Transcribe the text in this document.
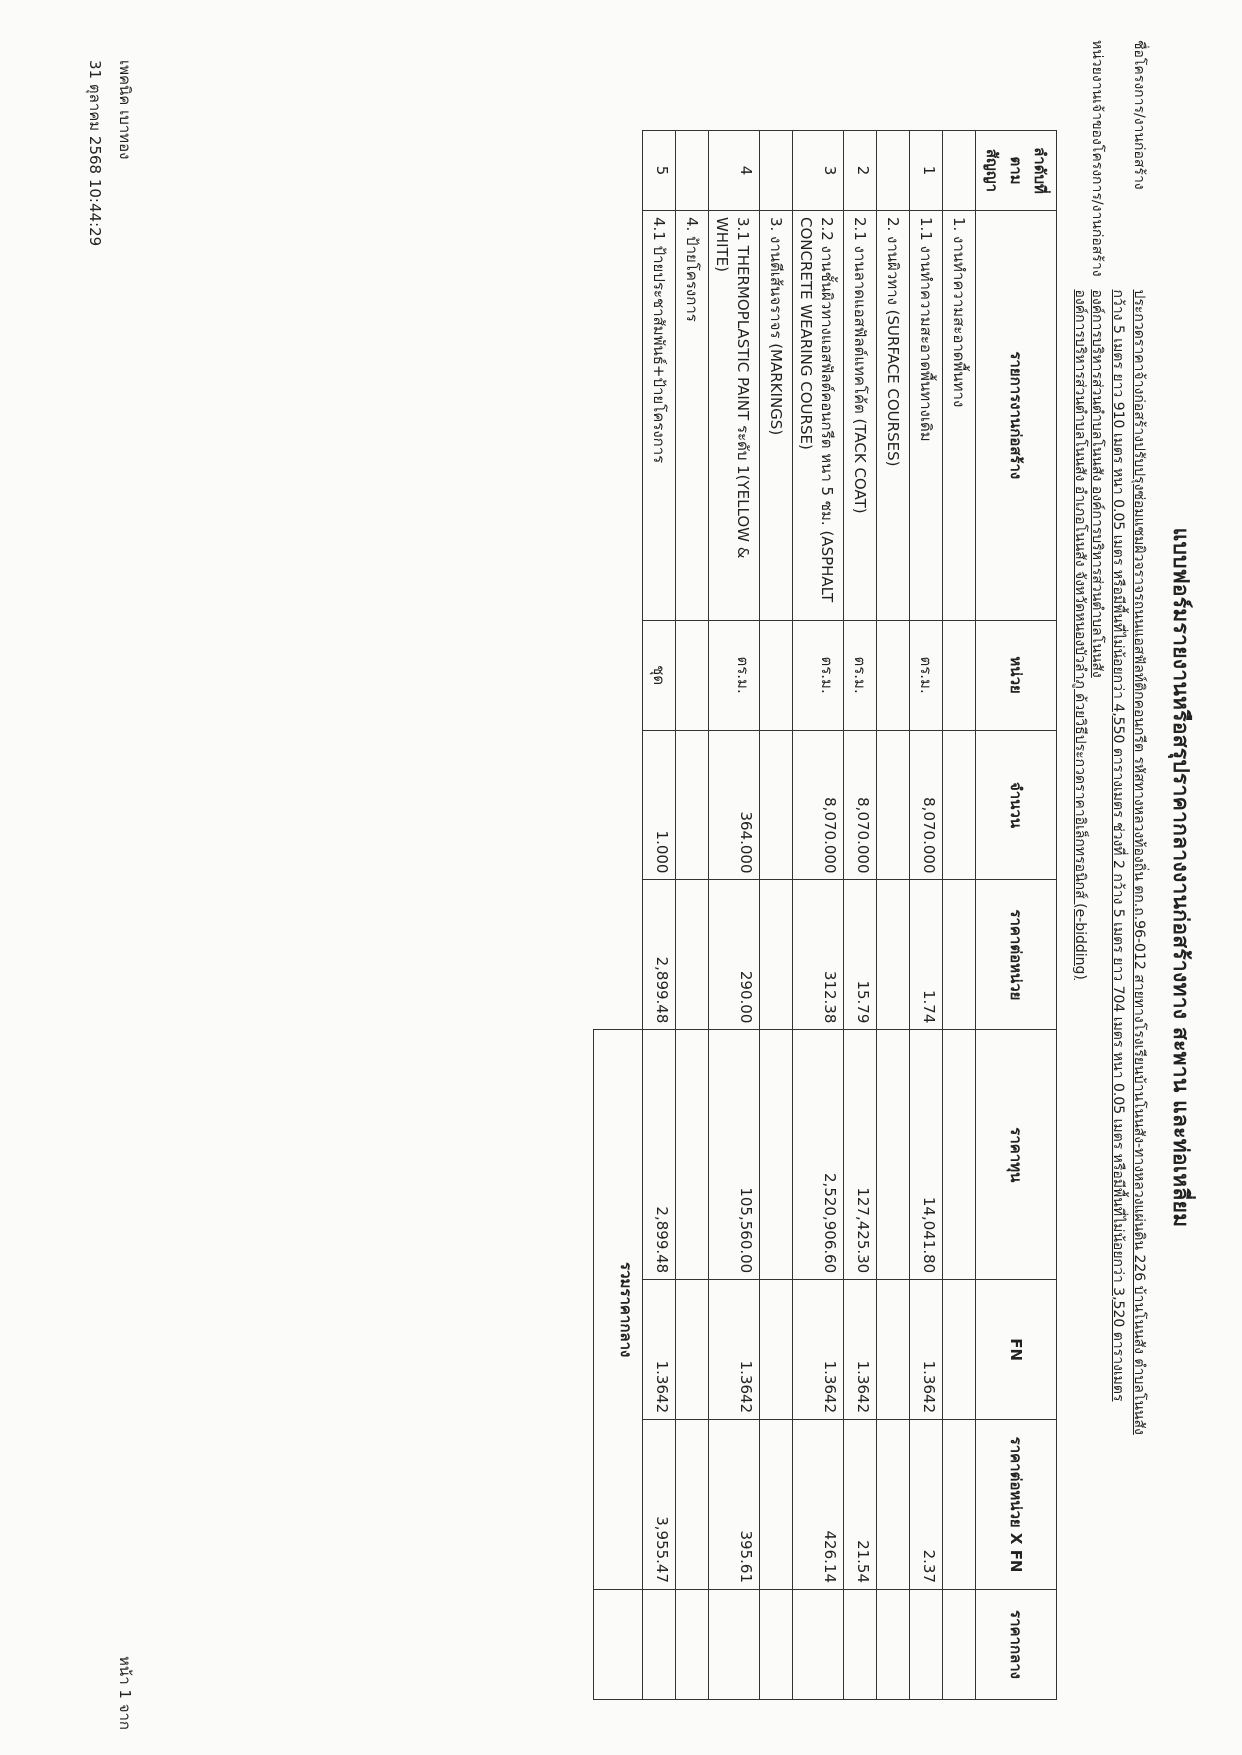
แบบฟอร์มรายงานหรือสรุปราคากลางงานก่อสร้างทาง สะพาน และท่อเหลี่ยม
ชื่อโครงการ/งานก่อสร้าง ประกวดราคาจ้างก่อสร้างปรับปรุงซ่อมแซมผิวจราจรถนนแอสฟัลท์ติกคอนกรีต รหัสทางหลวงท้องถิ่น ตก.ถ.96-012 สายทางโรงเรียนบ้านโนนสัง-ทางหลวงแผ่นดิน 226 บ้านโนนสัง ตำบลโนนสัง
กว้าง 5 เมตร ยาว 910 เมตร หนา 0.05 เมตร หรือมีพื้นที่ไม่น้อยกว่า 4,550 ตารางเมตร ช่วงที่ 2 กว้าง 5 เมตร ยาว 704 เมตร หนา 0.05 เมตร หรือมีพื้นที่ไม่น้อยกว่า 3,520 ตารางเมตร
หน่วยงานเจ้าของโครงการ/งานก่อสร้าง องค์การบริหารส่วนตำบลโนนสัง องค์การบริหารส่วนตำบลโนนสัง
องค์การบริหารส่วนตำบลโนนสัง อำเภอโนนสัง จังหวัดหนองบัวลำภู ด้วยวิธีประกวดราคาอิเล็กทรอนิกส์ (e-bidding)
ลำดับที่ตามสัญญา	รายการงานก่อสร้าง	หน่วย	จำนวน	ราคาต่อหน่วย	ราคาทุน	FN	ราคาต่อหน่วย X FN	ราคากลาง
	1. งานทำความสะอาดพื้นทาง							
1	1.1 งานทำความสะอาดพื้นทางเดิม	ตร.ม.	8,070.000	1.74	14,041.80	1.3642	2.37	
	2. งานผิวทาง (SURFACE COURSES)							
2	2.1 งานลาดแอสฟัลต์แทคโค้ต (TACK COAT)	ตร.ม.	8,070.000	15.79	127,425.30	1.3642	21.54	
3	2.2 งานชั้นผิวทางแอสฟัลต์คอนกรีต หนา 5 ซม. (ASPHALT CONCRETE WEARING COURSE)	ตร.ม.	8,070.000	312.38	2,520,906.60	1.3642	426.14	
	3. งานตีเส้นจราจร (MARKINGS)							
4	3.1 THERMOPLASTIC PAINT ระดับ 1(YELLOW & WHITE)	ตร.ม.	364.000	290.00	105,560.00	1.3642	395.61	
	4. ป้ายโครงการ							
5	4.1 ป้ายประชาสัมพันธ์+ป้ายโครงการ	ชุด	1.000	2,899.48	2,899.48	1.3642	3,955.47	
					รวมราคากลาง			
เพคนิค เบาทอง
31 ตุลาคม 2568 10:44:29
หน้า 1 จาก
